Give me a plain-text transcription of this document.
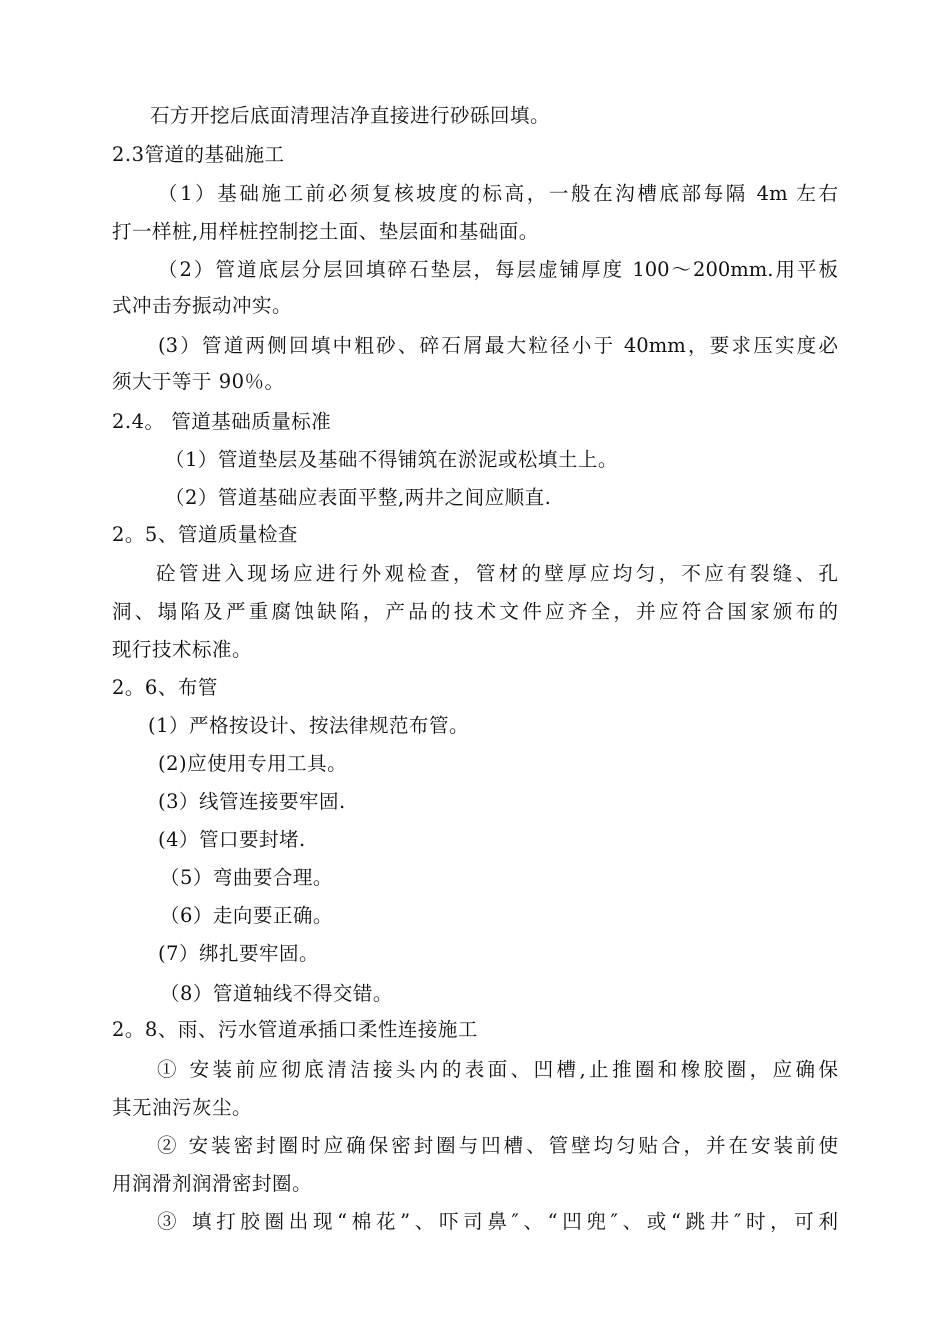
石方开挖后底面清理洁净直接进行砂砾回填。
2.3管道的基础施工
（1）基础施工前必须复核坡度的标高，一般在沟槽底部每隔 4m 左右
打一样桩,用样桩控制挖土面、垫层面和基础面。
（2）管道底层分层回填碎石垫层，每层虚铺厚度 100～200mm.用平板
式冲击夯振动冲实。
(3）管道两侧回填中粗砂、碎石屑最大粒径小于 40mm，要求压实度必
须大于等于 90％。
2.4。 管道基础质量标准
（1）管道垫层及基础不得铺筑在淤泥或松填土上。
（2）管道基础应表面平整,两井之间应顺直.
2。5、管道质量检查
砼管进入现场应进行外观检查，管材的壁厚应均匀，不应有裂缝、孔
洞、塌陷及严重腐蚀缺陷，产品的技术文件应齐全，并应符合国家颁布的
现行技术标准。
2。6、布管
(1）严格按设计、按法律规范布管。
(2)应使用专用工具。
(3）线管连接要牢固.
(4）管口要封堵.
（5）弯曲要合理。
（6）走向要正确。
(7）绑扎要牢固。
（8）管道轴线不得交错。
2。8、雨、污水管道承插口柔性连接施工
① 安装前应彻底清洁接头内的表面、凹槽,止推圈和橡胶圈，应确保
其无油污灰尘。
② 安装密封圈时应确保密封圈与凹槽、管壁均匀贴合，并在安装前使
用润滑剂润滑密封圈。
③ 填打胶圈出现“棉花”、吓司鼻″、“凹兜″、或“跳井″时，可利
